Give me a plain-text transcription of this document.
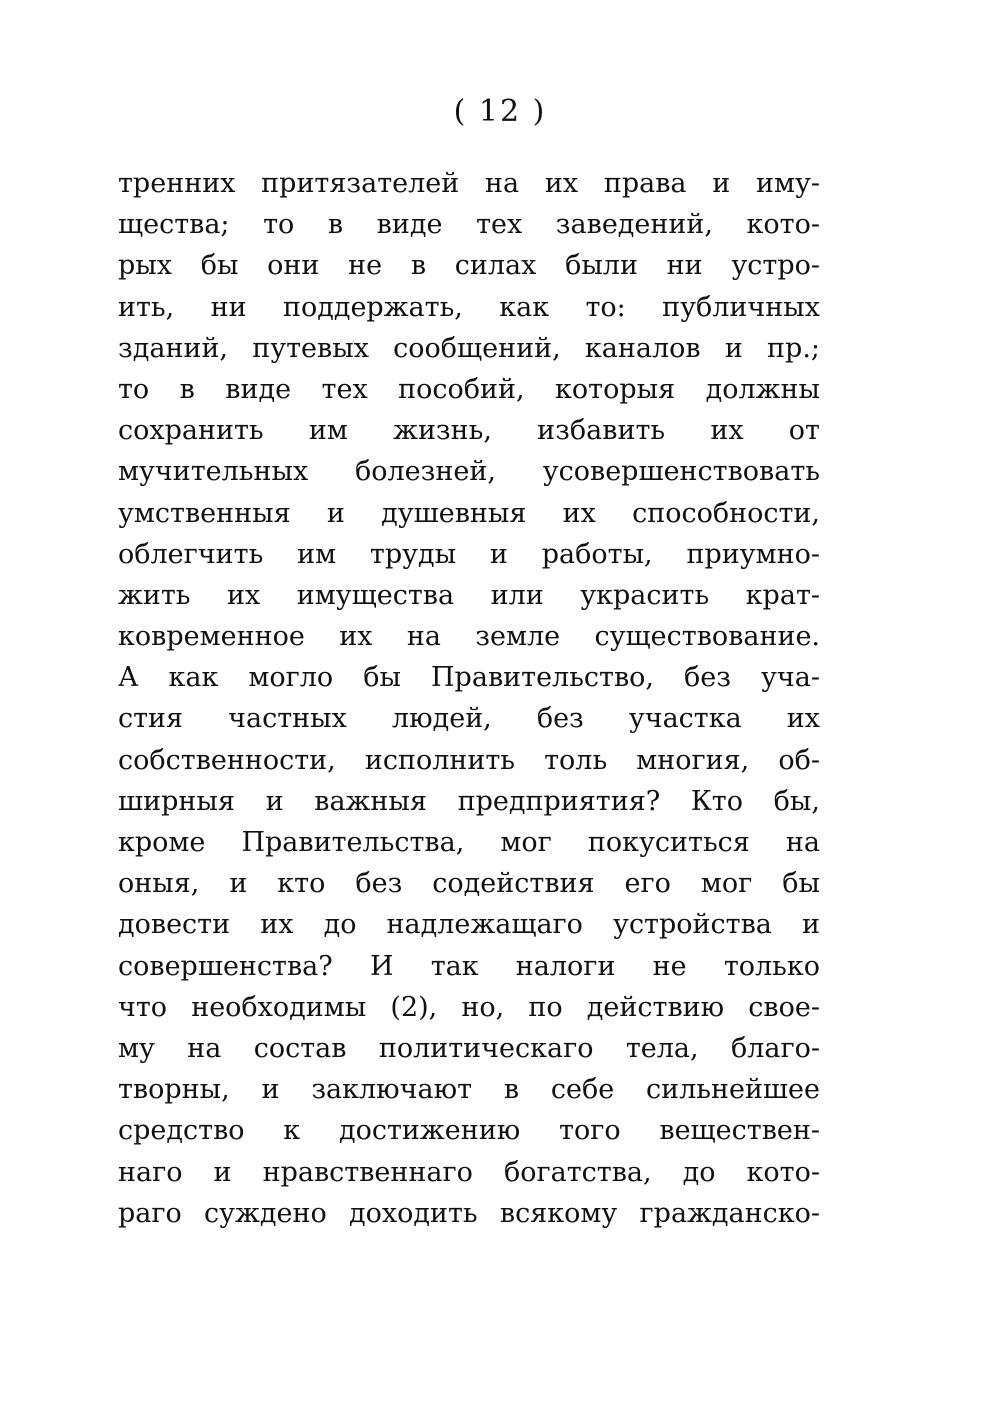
( 12 )
тренних притязателей на их права и иму-
щества; то в виде тех заведений, кото-
рых бы они не в силах были ни устро-
ить, ни поддержать, как то: публичных
зданий, путевых сообщений, каналов и пр.;
то в виде тех пособий, которыя должны
сохранить им жизнь, избавить их от
мучительных болезней, усовершенствовать
умственныя и душевныя их способности,
облегчить им труды и работы, приумно-
жить их имущества или украсить крат-
ковременное их на земле существование.
А как могло бы Правительство, без уча-
стия частных людей, без участка их
собственности, исполнить толь многия, об-
ширныя и важныя предприятия? Кто бы,
кроме Правительства, мог покуситься на
оныя, и кто без содействия его мог бы
довести их до надлежащаго устройства и
совершенства? И так налоги не только
что необходимы (2), но, по действию свое-
му на состав политическаго тела, благо-
творны, и заключают в себе сильнейшее
средство к достижению того веществен-
наго и нравственнаго богатства, до кото-
раго суждено доходить всякому гражданско-
